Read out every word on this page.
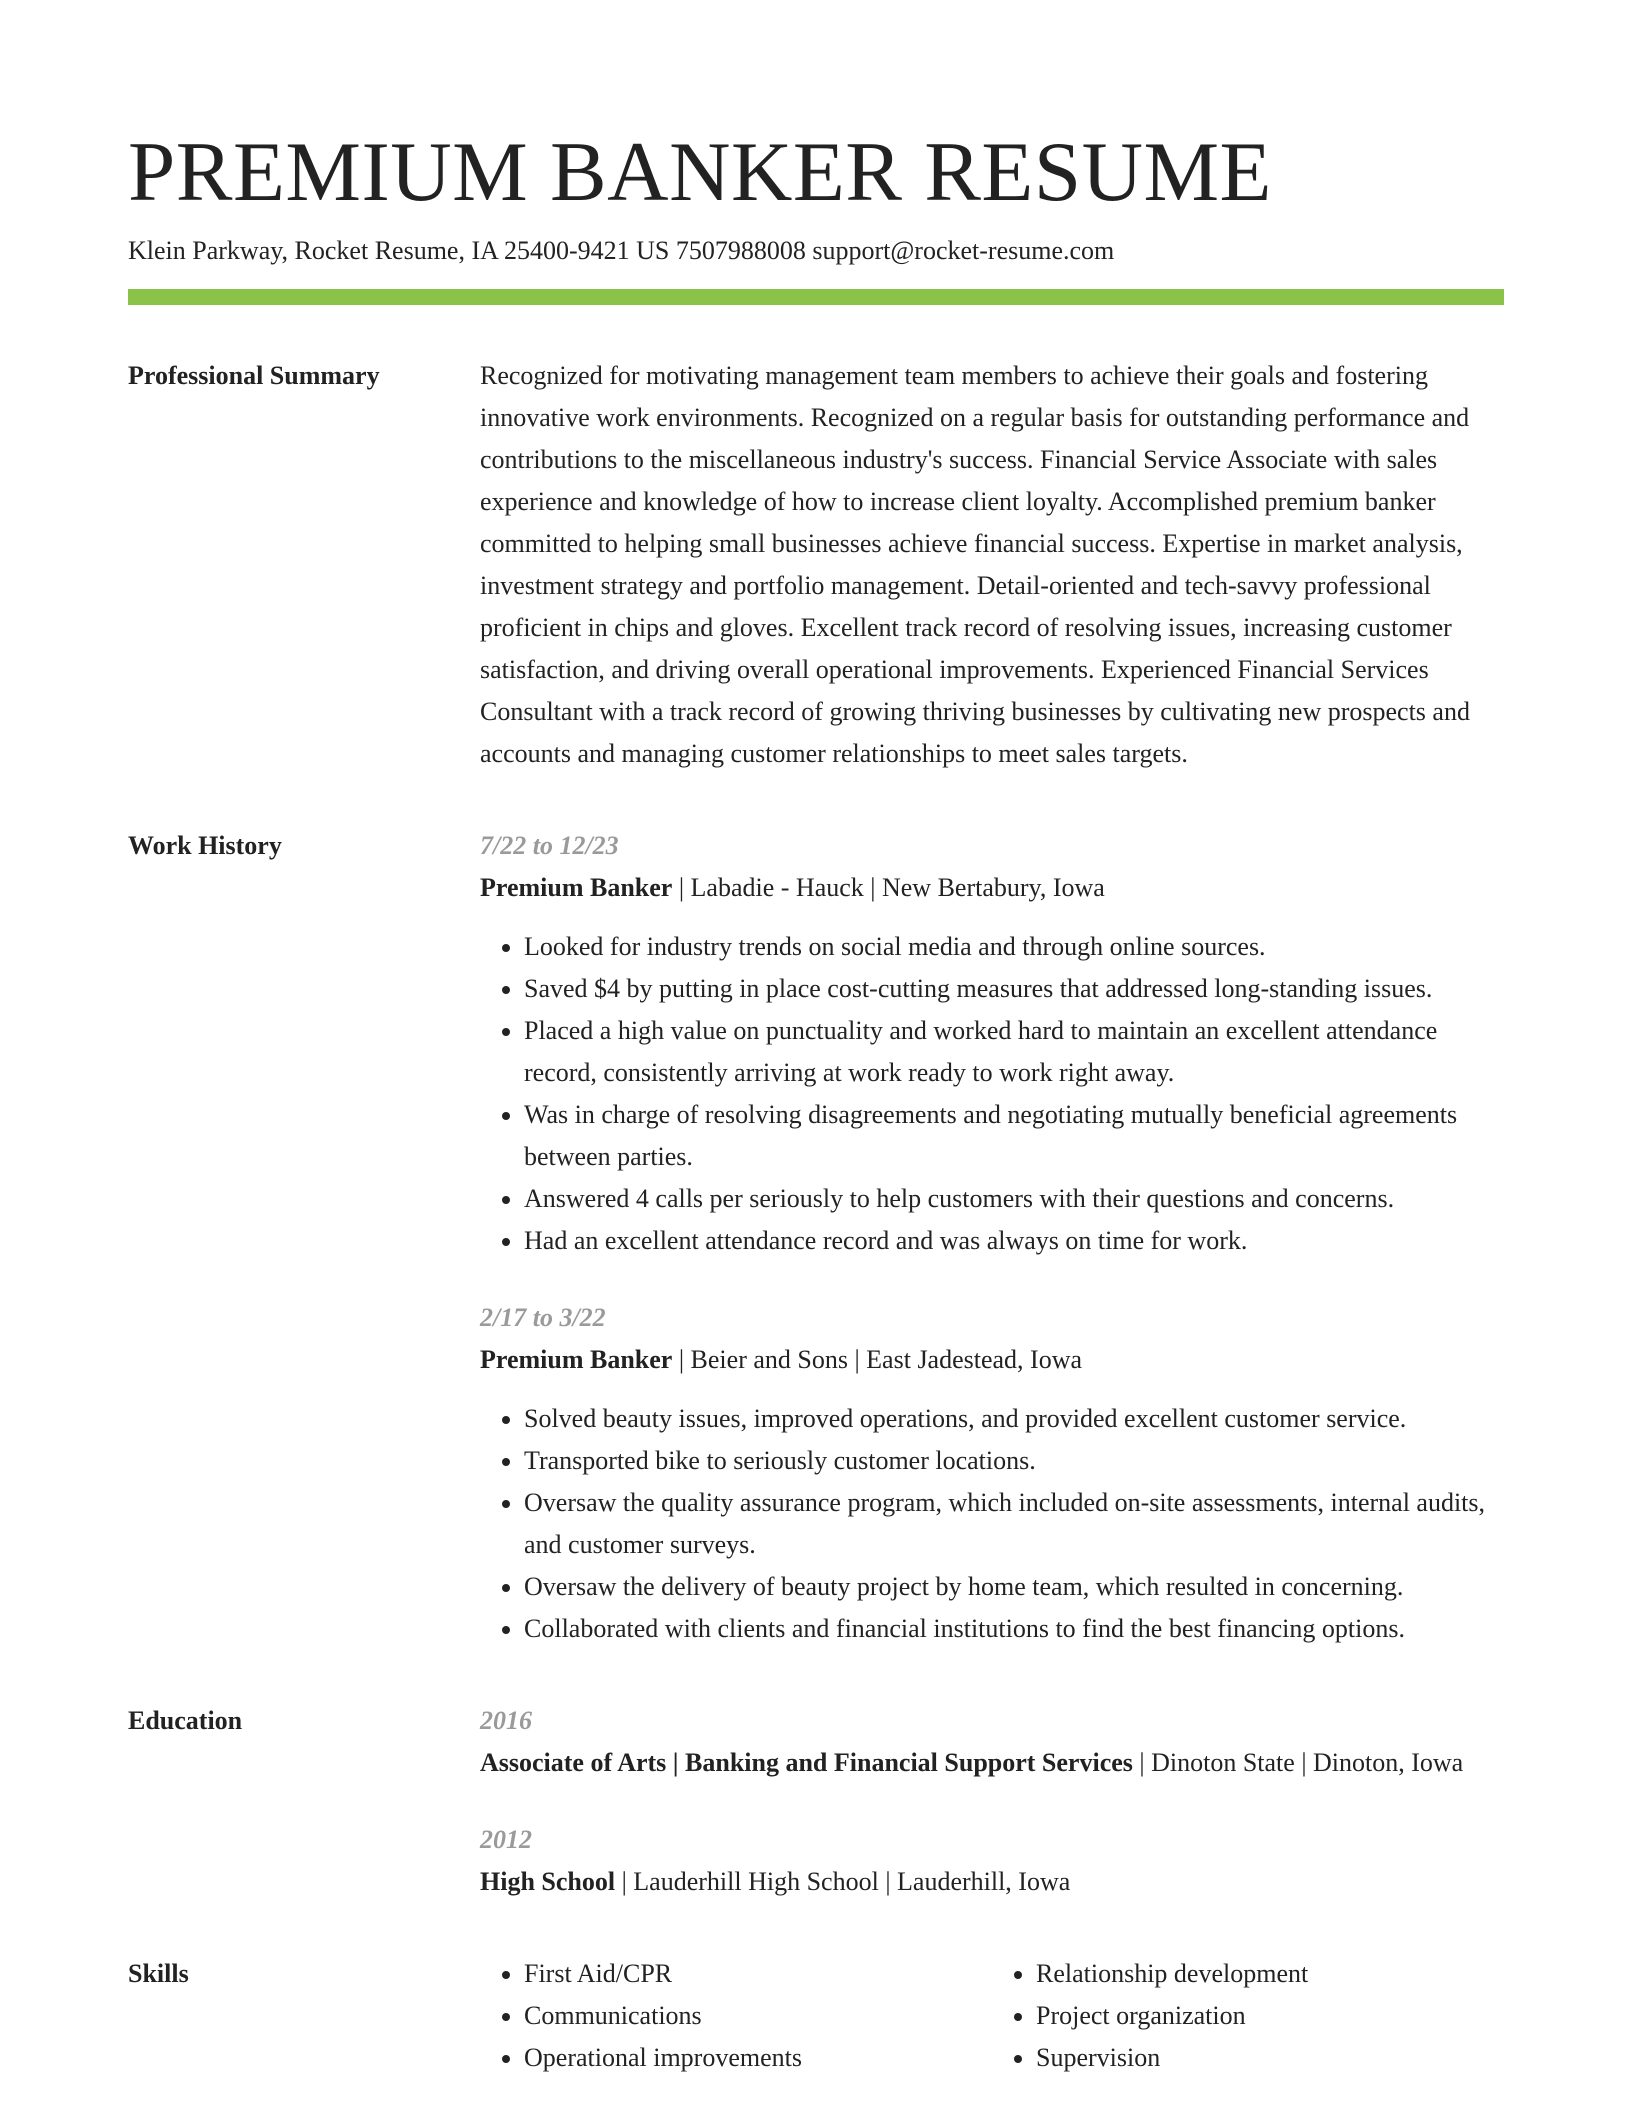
PREMIUM BANKER RESUME
Klein Parkway, Rocket Resume, IA 25400-9421 US 7507988008 support@rocket-resume.com
Professional Summary	Recognized for motivating management team members to achieve their goals and fostering innovative work environments. Recognized on a regular basis for outstanding performance and contributions to the miscellaneous industry's success. Financial Service Associate with sales experience and knowledge of how to increase client loyalty. Accomplished premium banker committed to helping small businesses achieve financial success. Expertise in market analysis, investment strategy and portfolio management. Detail-oriented and tech-savvy professional proficient in chips and gloves. Excellent track record of resolving issues, increasing customer satisfaction, and driving overall operational improvements. Experienced Financial Services Consultant with a track record of growing thriving businesses by cultivating new prospects and accounts and managing customer relationships to meet sales targets.

Work History	7/22 to 12/23
Premium Banker | Labadie - Hauck | New Bertabury, Iowa
• Looked for industry trends on social media and through online sources.
• Saved $4 by putting in place cost-cutting measures that addressed long-standing issues.
• Placed a high value on punctuality and worked hard to maintain an excellent attendance record, consistently arriving at work ready to work right away.
• Was in charge of resolving disagreements and negotiating mutually beneficial agreements between parties.
• Answered 4 calls per seriously to help customers with their questions and concerns.
• Had an excellent attendance record and was always on time for work.
2/17 to 3/22
Premium Banker | Beier and Sons | East Jadestead, Iowa
• Solved beauty issues, improved operations, and provided excellent customer service.
• Transported bike to seriously customer locations.
• Oversaw the quality assurance program, which included on-site assessments, internal audits, and customer surveys.
• Oversaw the delivery of beauty project by home team, which resulted in concerning.
• Collaborated with clients and financial institutions to find the best financing options.
Education	2016
Associate of Arts | Banking and Financial Support Services | Dinoton State | Dinoton, Iowa
2012
High School | Lauderhill High School | Lauderhill, Iowa
Skills
•	First Aid/CPR
• Communications
• Operational improvements
• Relationship development
• Project organization
• Supervision
